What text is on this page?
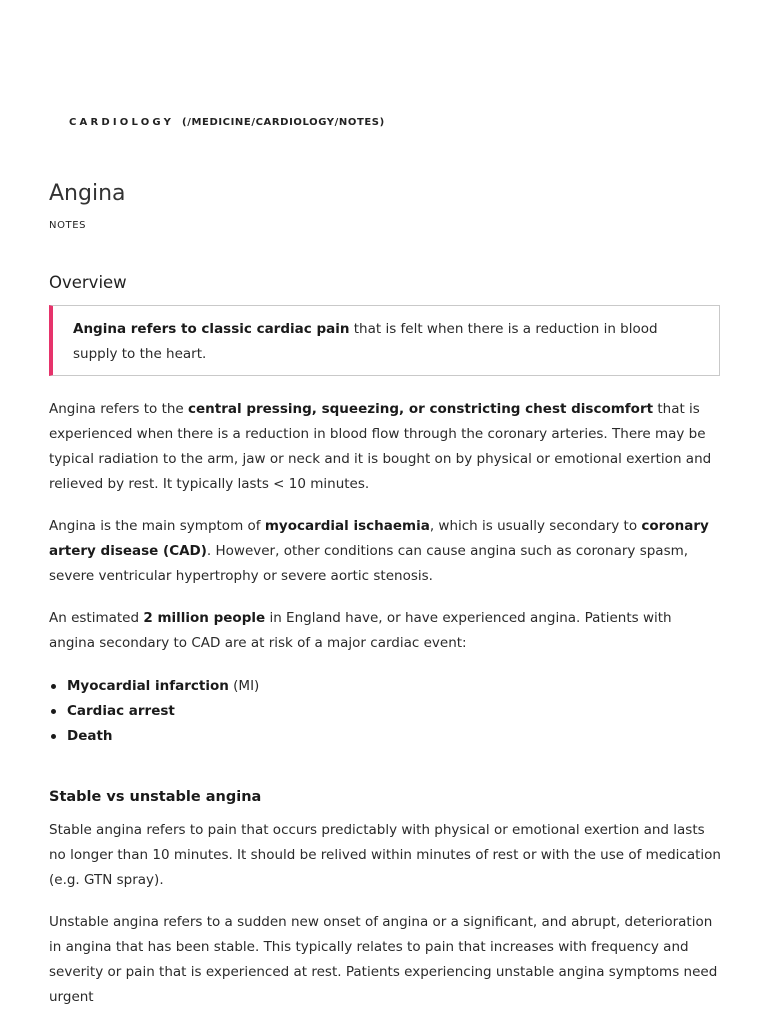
CARDIOLOGY (/MEDICINE/CARDIOLOGY/NOTES)
Angina
NOTES
Overview
Angina refers to classic cardiac pain that is felt when there is a reduction in blood supply to the heart.

Angina refers to the central pressing, squeezing, or constricting chest discomfort that is experienced when there is a reduction in blood flow through the coronary arteries. There may be typical radiation to the arm, jaw or neck and it is bought on by physical or emotional exertion and relieved by rest. It typically lasts < 10 minutes.

Angina is the main symptom of myocardial ischaemia, which is usually secondary to coronary artery disease (CAD). However, other conditions can cause angina such as coronary spasm, severe ventricular hypertrophy or severe aortic stenosis.

An estimated 2 million people in England have, or have experienced angina. Patients with angina secondary to CAD are at risk of a major cardiac event:

Myocardial infarction (MI)
Cardiac arrest
Death
Stable vs unstable angina

Stable angina refers to pain that occurs predictably with physical or emotional exertion and lasts no longer than 10 minutes. It should be relived within minutes of rest or with the use of medication (e.g. GTN spray).

Unstable angina refers to a sudden new onset of angina or a significant, and abrupt, deterioration in angina that has been stable. This typically relates to pain that increases with frequency and severity or pain that is experienced at rest. Patients experiencing unstable angina symptoms need urgent
